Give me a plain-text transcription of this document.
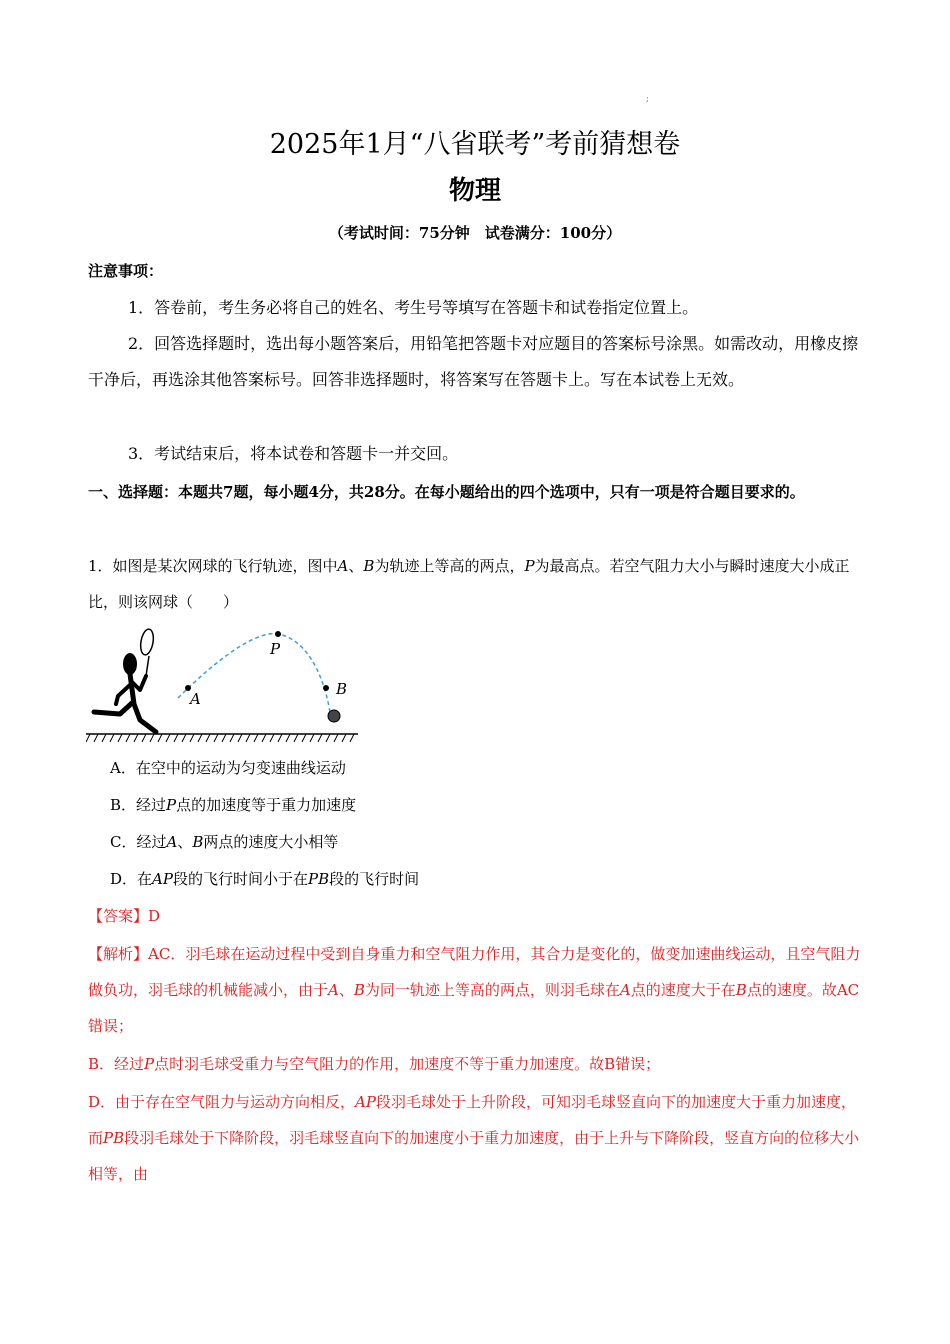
;

2025年1月“八省联考”考前猜想卷
物理

（考试时间：75分钟　试卷满分：100分）

注意事项：

1．答卷前，考生务必将自己的姓名、考生号等填写在答题卡和试卷指定位置上。

2．回答选择题时，选出每小题答案后，用铅笔把答题卡对应题目的答案标号涂黑。如需改动，用橡皮擦干净后，再选涂其他答案标号。回答非选择题时，将答案写在答题卡上。写在本试卷上无效。

3．考试结束后，将本试卷和答题卡一并交回。

一、选择题：本题共7题，每小题4分，共28分。在每小题给出的四个选项中，只有一项是符合题目要求的。

1．如图是某次网球的飞行轨迹，图中A、B为轨迹上等高的两点，P为最高点。若空气阻力大小与瞬时速度大小成正比，则该网球（　　）

A
P
B

A．在空中的运动为匀变速曲线运动

B．经过P点的加速度等于重力加速度

C．经过A、B两点的速度大小相等

D．在AP段的飞行时间小于在PB段的飞行时间

【答案】D

【解析】AC．羽毛球在运动过程中受到自身重力和空气阻力作用，其合力是变化的，做变加速曲线运动，且空气阻力做负功，羽毛球的机械能减小，由于A、B为同一轨迹上等高的两点，则羽毛球在A点的速度大于在B点的速度。故AC错误；

B．经过P点时羽毛球受重力与空气阻力的作用，加速度不等于重力加速度。故B错误；

D．由于存在空气阻力与运动方向相反，AP段羽毛球处于上升阶段，可知羽毛球竖直向下的加速度大于重力加速度，而PB段羽毛球处于下降阶段，羽毛球竖直向下的加速度小于重力加速度，由于上升与下降阶段，竖直方向的位移大小相等，由
